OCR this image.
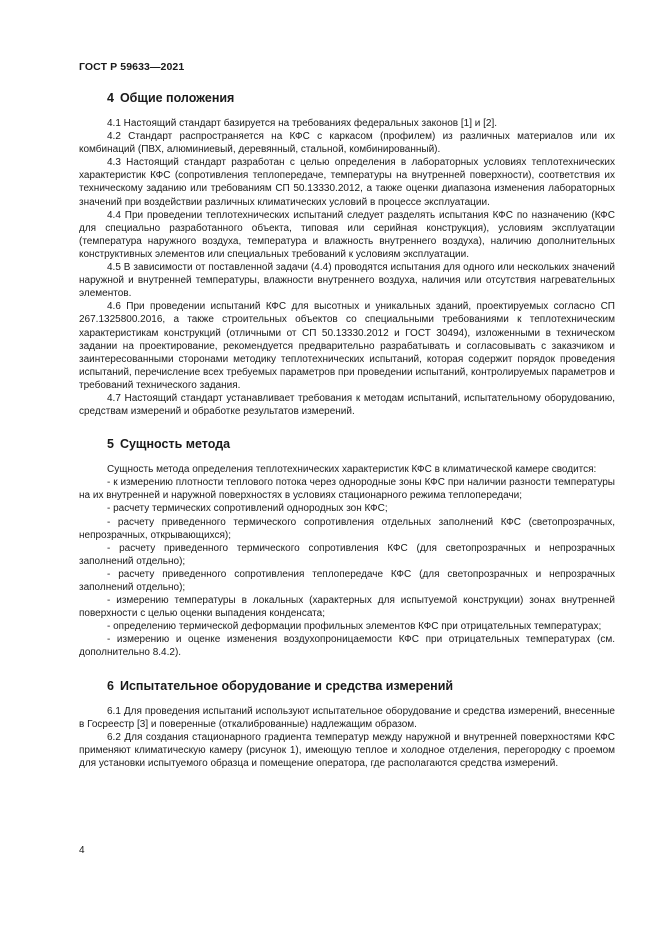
ГОСТ Р 59633—2021
4 Общие положения

4.1 Настоящий стандарт базируется на требованиях федеральных законов [1] и [2].

4.2 Стандарт распространяется на КФС с каркасом (профилем) из различных материалов или их комбинаций (ПВХ, алюминиевый, деревянный, стальной, комбинированный).

4.3 Настоящий стандарт разработан с целью определения в лабораторных условиях теплотехнических характеристик КФС (сопротивления теплопередаче, температуры на внутренней поверхности), соответствия их техническому заданию или требованиям СП 50.13330.2012, а также оценки диапазона изменения лабораторных значений при воздействии различных климатических условий в процессе эксплуатации.

4.4 При проведении теплотехнических испытаний следует разделять испытания КФС по назначению (КФС для специально разработанного объекта, типовая или серийная конструкция), условиям эксплуатации (температура наружного воздуха, температура и влажность внутреннего воздуха), наличию дополнительных конструктивных элементов или специальных требований к условиям эксплуатации.

4.5 В зависимости от поставленной задачи (4.4) проводятся испытания для одного или нескольких значений наружной и внутренней температуры, влажности внутреннего воздуха, наличия или отсутствия нагревательных элементов.

4.6 При проведении испытаний КФС для высотных и уникальных зданий, проектируемых согласно СП 267.1325800.2016, а также строительных объектов со специальными требованиями к теплотехническим характеристикам конструкций (отличными от СП 50.13330.2012 и ГОСТ 30494), изложенными в техническом задании на проектирование, рекомендуется предварительно разрабатывать и согласовывать с заказчиком и заинтересованными сторонами методику теплотехнических испытаний, которая содержит порядок проведения испытаний, перечисление всех требуемых параметров при проведении испытаний, контролируемых параметров и требований технического задания.

4.7 Настоящий стандарт устанавливает требования к методам испытаний, испытательному оборудованию, средствам измерений и обработке результатов измерений.

5 Сущность метода

Сущность метода определения теплотехнических характеристик КФС в климатической камере сводится:

- к измерению плотности теплового потока через однородные зоны КФС при наличии разности температуры на их внутренней и наружной поверхностях в условиях стационарного режима теплопередачи;

- расчету термических сопротивлений однородных зон КФС;

- расчету приведенного термического сопротивления отдельных заполнений КФС (светопрозрачных, непрозрачных, открывающихся);

- расчету приведенного термического сопротивления КФС (для светопрозрачных и непрозрачных заполнений отдельно);

- расчету приведенного сопротивления теплопередаче КФС (для светопрозрачных и непрозрачных заполнений отдельно);

- измерению температуры в локальных (характерных для испытуемой конструкции) зонах внутренней поверхности с целью оценки выпадения конденсата;

- определению термической деформации профильных элементов КФС при отрицательных температурах;

- измерению и оценке изменения воздухопроницаемости КФС при отрицательных температурах (см. дополнительно 8.4.2).

6 Испытательное оборудование и средства измерений

6.1 Для проведения испытаний используют испытательное оборудование и средства измерений, внесенные в Госреестр [3] и поверенные (откалиброванные) надлежащим образом.

6.2 Для создания стационарного градиента температур между наружной и внутренней поверхностями КФС применяют климатическую камеру (рисунок 1), имеющую теплое и холодное отделения, перегородку с проемом для установки испытуемого образца и помещение оператора, где располагаются средства измерений.

4
